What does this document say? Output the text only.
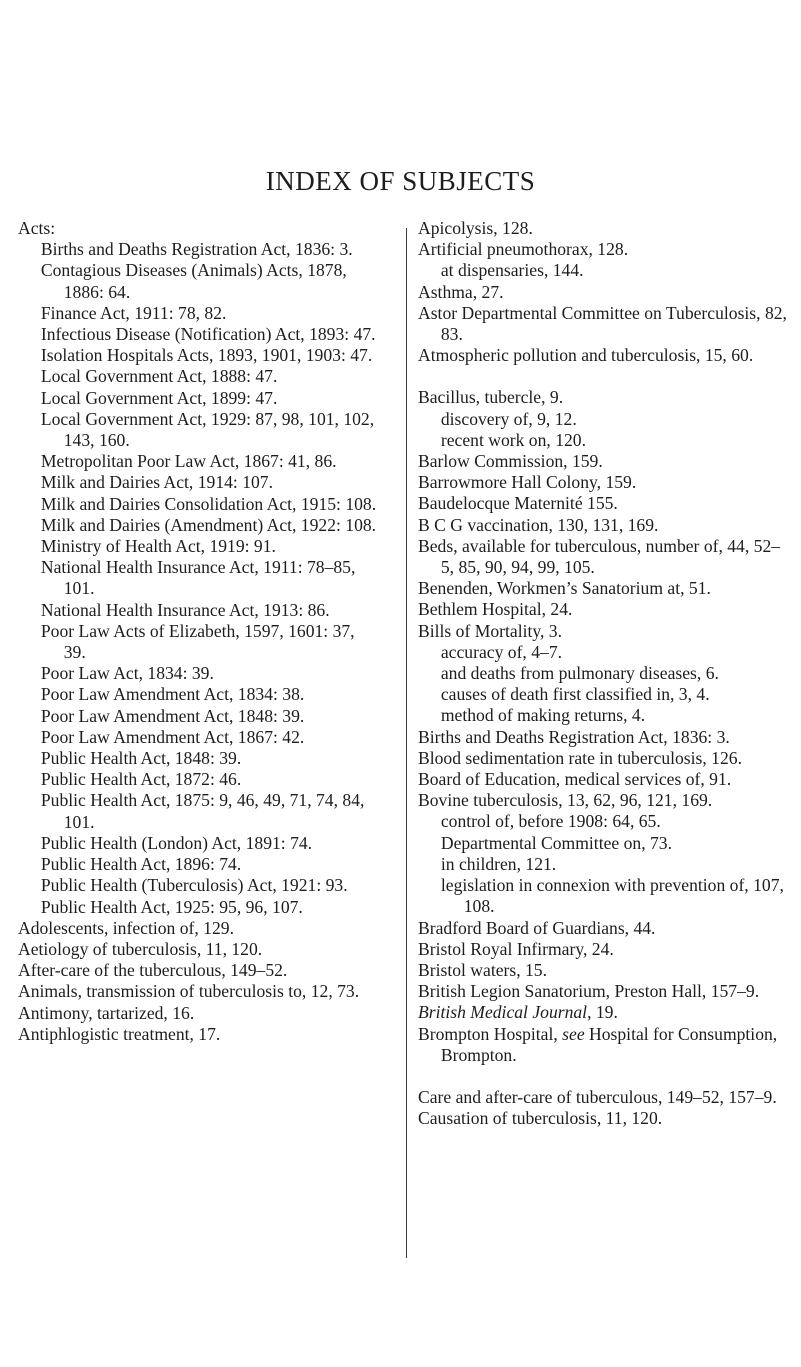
INDEX OF SUBJECTS

Acts:

Births and Deaths Registration Act, 1836: 3.

Contagious Diseases (Animals) Acts, 1878, 1886: 64.

Finance Act, 1911: 78, 82.

Infectious Disease (Notification) Act, 1893: 47.

Isolation Hospitals Acts, 1893, 1901, 1903: 47.

Local Government Act, 1888: 47.

Local Government Act, 1899: 47.

Local Government Act, 1929: 87, 98, 101, 102, 143, 160.

Metropolitan Poor Law Act, 1867: 41, 86.

Milk and Dairies Act, 1914: 107.

Milk and Dairies Consolidation Act, 1915: 108.

Milk and Dairies (Amendment) Act, 1922: 108.

Ministry of Health Act, 1919: 91.

National Health Insurance Act, 1911: 78–85, 101.

National Health Insurance Act, 1913: 86.

Poor Law Acts of Elizabeth, 1597, 1601: 37, 39.

Poor Law Act, 1834: 39.

Poor Law Amendment Act, 1834: 38.

Poor Law Amendment Act, 1848: 39.

Poor Law Amendment Act, 1867: 42.

Public Health Act, 1848: 39.

Public Health Act, 1872: 46.

Public Health Act, 1875: 9, 46, 49, 71, 74, 84, 101.

Public Health (London) Act, 1891: 74.

Public Health Act, 1896: 74.

Public Health (Tuberculosis) Act, 1921: 93.

Public Health Act, 1925: 95, 96, 107.

Adolescents, infection of, 129.

Aetiology of tuberculosis, 11, 120.

After-care of the tuberculous, 149–52.

Animals, transmission of tuberculosis to, 12, 73.

Antimony, tartarized, 16.

Antiphlogistic treatment, 17.

Apicolysis, 128.

Artificial pneumothorax, 128.

at dispensaries, 144.

Asthma, 27.

Astor Departmental Committee on Tuberculosis, 82, 83.

Atmospheric pollution and tuberculosis, 15, 60.

Bacillus, tubercle, 9.

discovery of, 9, 12.

recent work on, 120.

Barlow Commission, 159.

Barrowmore Hall Colony, 159.

Baudelocque Maternité 155.

B C G vaccination, 130, 131, 169.

Beds, available for tuberculous, number of, 44, 52–5, 85, 90, 94, 99, 105.

Benenden, Workmen’s Sanatorium at, 51.

Bethlem Hospital, 24.

Bills of Mortality, 3.

accuracy of, 4–7.

and deaths from pulmonary diseases, 6.

causes of death first classified in, 3, 4.

method of making returns, 4.

Births and Deaths Registration Act, 1836: 3.

Blood sedimentation rate in tuberculosis, 126.

Board of Education, medical services of, 91.

Bovine tuberculosis, 13, 62, 96, 121, 169.

control of, before 1908: 64, 65.

Departmental Committee on, 73.

in children, 121.

legislation in connexion with prevention of, 107, 108.

Bradford Board of Guardians, 44.

Bristol Royal Infirmary, 24.

Bristol waters, 15.

British Legion Sanatorium, Preston Hall, 157–9.

British Medical Journal, 19.

Brompton Hospital, see Hospital for Consumption, Brompton.

Care and after-care of tuberculous, 149–52, 157–9.

Causation of tuberculosis, 11, 120.
